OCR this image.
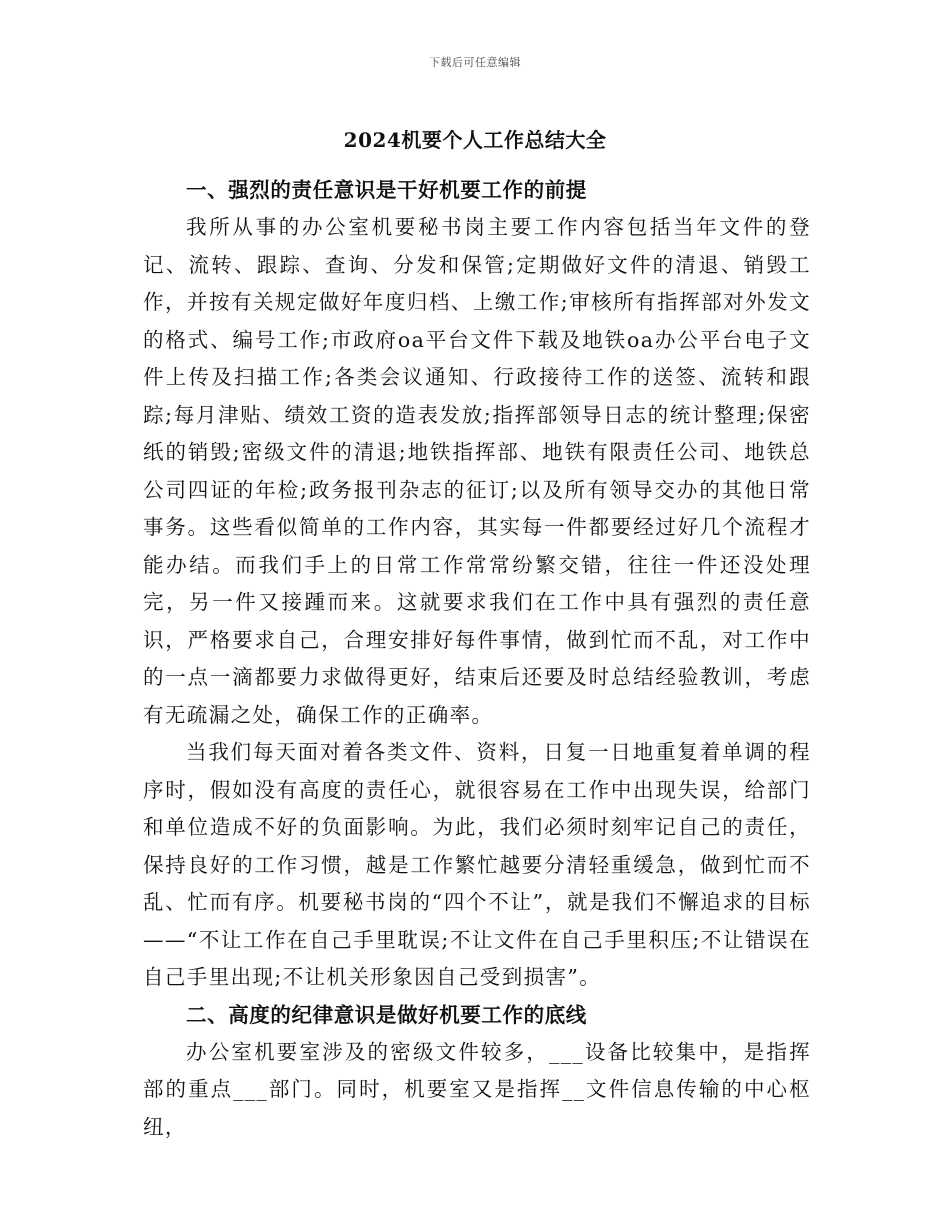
下载后可任意编辑
2024机要个人工作总结大全
一、强烈的责任意识是干好机要工作的前提

我所从事的办公室机要秘书岗主要工作内容包括当年文件的登记、流转、跟踪、查询、分发和保管;定期做好文件的清退、销毁工作，并按有关规定做好年度归档、上缴工作;审核所有指挥部对外发文的格式、编号工作;市政府oa平台文件下载及地铁oa办公平台电子文件上传及扫描工作;各类会议通知、行政接待工作的送签、流转和跟踪;每月津贴、绩效工资的造表发放;指挥部领导日志的统计整理;保密纸的销毁;密级文件的清退;地铁指挥部、地铁有限责任公司、地铁总公司四证的年检;政务报刊杂志的征订;以及所有领导交办的其他日常事务。这些看似简单的工作内容，其实每一件都要经过好几个流程才能办结。而我们手上的日常工作常常纷繁交错，往往一件还没处理完，另一件又接踵而来。这就要求我们在工作中具有强烈的责任意识，严格要求自己，合理安排好每件事情，做到忙而不乱，对工作中的一点一滴都要力求做得更好，结束后还要及时总结经验教训，考虑有无疏漏之处，确保工作的正确率。

当我们每天面对着各类文件、资料，日复一日地重复着单调的程序时，假如没有高度的责任心，就很容易在工作中出现失误，给部门和单位造成不好的负面影响。为此，我们必须时刻牢记自己的责任，保持良好的工作习惯，越是工作繁忙越要分清轻重缓急，做到忙而不乱、忙而有序。机要秘书岗的“四个不让”，就是我们不懈追求的目标——“不让工作在自己手里耽误;不让文件在自己手里积压;不让错误在自己手里出现;不让机关形象因自己受到损害”。

二、高度的纪律意识是做好机要工作的底线

办公室机要室涉及的密级文件较多，___设备比较集中，是指挥部的重点___部门。同时，机要室又是指挥__文件信息传输的中心枢纽，
